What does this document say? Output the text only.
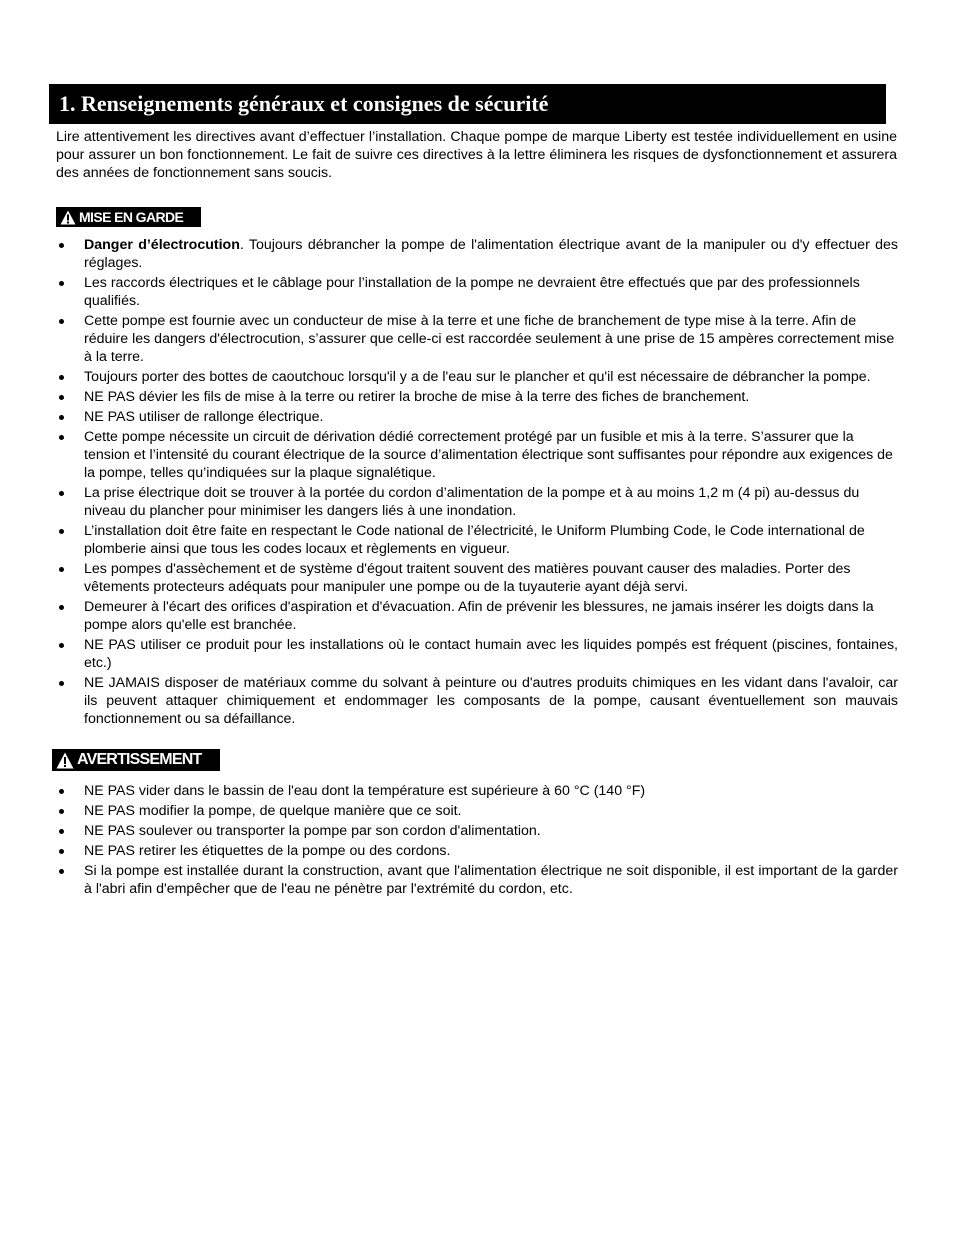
1. Renseignements généraux et consignes de sécurité

Lire attentivement les directives avant d’effectuer l’installation. Chaque pompe de marque Liberty est testée individuellement en usine pour assurer un bon fonctionnement. Le fait de suivre ces directives à la lettre éliminera les risques de dysfonctionnement et assurera des années de fonctionnement sans soucis.

MISE EN GARDE
Danger d’électrocution. Toujours débrancher la pompe de l'alimentation électrique avant de la manipuler ou d'y effectuer des réglages.
Les raccords électriques et le câblage pour l’installation de la pompe ne devraient être effectués que par des professionnels qualifiés.
Cette pompe est fournie avec un conducteur de mise à la terre et une fiche de branchement de type mise à la terre. Afin de réduire les dangers d'électrocution, s’assurer que celle-ci est raccordée seulement à une prise de 15 ampères correctement mise à la terre.
Toujours porter des bottes de caoutchouc lorsqu'il y a de l'eau sur le plancher et qu'il est nécessaire de débrancher la pompe.
NE PAS dévier les fils de mise à la terre ou retirer la broche de mise à la terre des fiches de branchement.
NE PAS utiliser de rallonge électrique.
Cette pompe nécessite un circuit de dérivation dédié correctement protégé par un fusible et mis à la terre. S’assurer que la tension et l’intensité du courant électrique de la source d’alimentation électrique sont suffisantes pour répondre aux exigences de la pompe, telles qu’indiquées sur la plaque signalétique.
La prise électrique doit se trouver à la portée du cordon d’alimentation de la pompe et à au moins 1,2 m (4 pi) au-dessus du niveau du plancher pour minimiser les dangers liés à une inondation.
L’installation doit être faite en respectant le Code national de l’électricité, le Uniform Plumbing Code, le Code international de plomberie ainsi que tous les codes locaux et règlements en vigueur.
Les pompes d'assèchement et de système d'égout traitent souvent des matières pouvant causer des maladies. Porter des vêtements protecteurs adéquats pour manipuler une pompe ou de la tuyauterie ayant déjà servi.
Demeurer à l'écart des orifices d'aspiration et d'évacuation. Afin de prévenir les blessures, ne jamais insérer les doigts dans la pompe alors qu'elle est branchée.
NE PAS utiliser ce produit pour les installations où le contact humain avec les liquides pompés est fréquent (piscines, fontaines, etc.)
NE JAMAIS disposer de matériaux comme du solvant à peinture ou d'autres produits chimiques en les vidant dans l'avaloir, car ils peuvent attaquer chimiquement et endommager les composants de la pompe, causant éventuellement son mauvais fonctionnement ou sa défaillance.
AVERTISSEMENT
NE PAS vider dans le bassin de l'eau dont la température est supérieure à 60 °C (140 °F)
NE PAS modifier la pompe, de quelque manière que ce soit.
NE PAS soulever ou transporter la pompe par son cordon d'alimentation.
NE PAS retirer les étiquettes de la pompe ou des cordons.
Si la pompe est installée durant la construction, avant que l'alimentation électrique ne soit disponible, il est important de la garder à l'abri afin d'empêcher que de l'eau ne pénètre par l'extrémité du cordon, etc.
